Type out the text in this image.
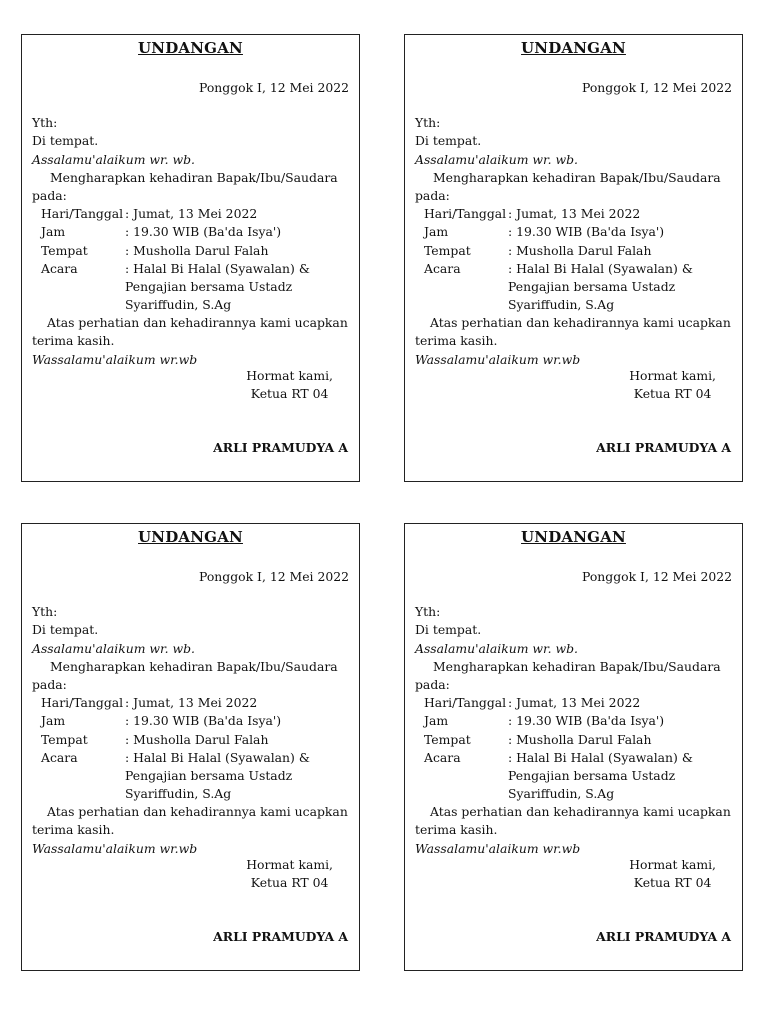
UNDANGAN
Ponggok I, 12 Mei 2022
Yth:
Di tempat.
Assalamu'alaikum wr. wb.
Mengharapkan kehadiran Bapak/Ibu/Saudara
pada:
Hari/Tanggal : Jumat, 13 Mei 2022
Jam	: 19.30 WIB (Ba'da Isya')
Tempat	: Musholla Darul Falah
Acara	: Halal Bi Halal (Syawalan) &
Pengajian bersama Ustadz
Syariffudin, S.Ag
Atas perhatian dan kehadirannya kami ucapkan
terima kasih.
Wassalamu'alaikum wr.wb
Hormat kami,
Ketua RT 04
ARLI PRAMUDYA A
UNDANGAN
Ponggok I, 12 Mei 2022
Yth:
Di tempat.
Assalamu'alaikum wr. wb.
Mengharapkan kehadiran Bapak/Ibu/Saudara
pada:
Hari/Tanggal : Jumat, 13 Mei 2022
Jam	: 19.30 WIB (Ba'da Isya')
Tempat	: Musholla Darul Falah
Acara	: Halal Bi Halal (Syawalan) &
Pengajian bersama Ustadz
Syariffudin, S.Ag
Atas perhatian dan kehadirannya kami ucapkan
terima kasih.
Wassalamu'alaikum wr.wb
Hormat kami,
Ketua RT 04
ARLI PRAMUDYA A
UNDANGAN
Ponggok I, 12 Mei 2022
Yth:
Di tempat.
Assalamu'alaikum wr. wb.
Mengharapkan kehadiran Bapak/Ibu/Saudara
pada:
Hari/Tanggal : Jumat, 13 Mei 2022
Jam	: 19.30 WIB (Ba'da Isya')
Tempat	: Musholla Darul Falah
Acara	: Halal Bi Halal (Syawalan) &
Pengajian bersama Ustadz
Syariffudin, S.Ag
Atas perhatian dan kehadirannya kami ucapkan
terima kasih.
Wassalamu'alaikum wr.wb
Hormat kami,
Ketua RT 04
ARLI PRAMUDYA A
UNDANGAN
Ponggok I, 12 Mei 2022
Yth:
Di tempat.
Assalamu'alaikum wr. wb.
Mengharapkan kehadiran Bapak/Ibu/Saudara
pada:
Hari/Tanggal : Jumat, 13 Mei 2022
Jam	: 19.30 WIB (Ba'da Isya')
Tempat	: Musholla Darul Falah
Acara	: Halal Bi Halal (Syawalan) &
Pengajian bersama Ustadz
Syariffudin, S.Ag
Atas perhatian dan kehadirannya kami ucapkan
terima kasih.
Wassalamu'alaikum wr.wb
Hormat kami,
Ketua RT 04
ARLI PRAMUDYA A
